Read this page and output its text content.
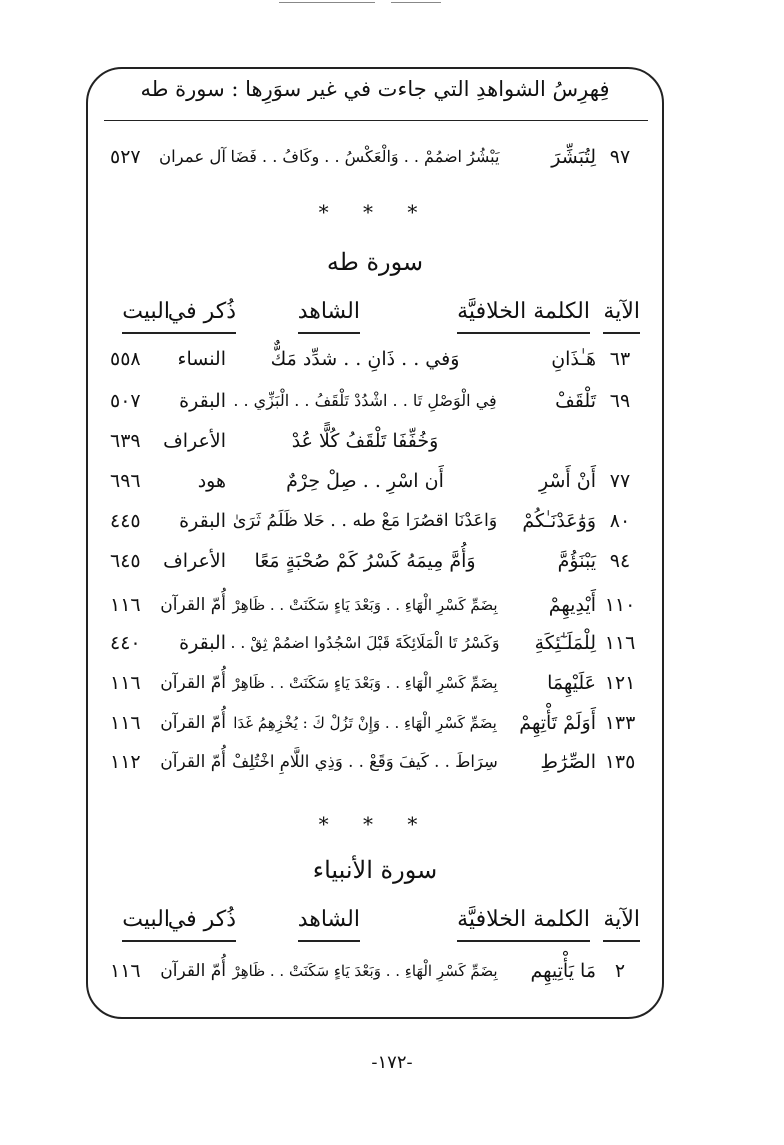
فِهرِسُ الشواهدِ التي جاءت في غير سوَرِها : سورة طه
٩٧
لِتُبَشِّرَ
يَبْشُرُ اضمُمْ . . وَالْعَكْسُ . . وكَافُ . . فَضَا
آل عمران
٥٢٧
* * *
سورة طه
الآية
الكلمة الخلافيَّة
الشاهد
ذُكر في
البيت
٦٣
هَـٰذَانِ
وَفي . . ذَانِ . . شدِّد مَكٌّ
النساء
٥٥٨
٦٩
تَلْقَفْ
فِي الْوَصْلِ تَا . . اشْدُدْ تَلْقَفُ . . الْبَزِّي . .
البقرة
٥٠٧
وَخُفِّفَا تَلْقَفُ كُلًّا عُدْ
الأعراف
٦٣٩
٧٧
أَنْ أَسْرِ
أَن اسْرِ . . صِلْ حِرْمٌ
هود
٦٩٦
٨٠
وَوَٰعَدْنَـٰكُمْ
وَاعَدْنَا اقصُرَا مَعْ طه . . حَلا ظَلَمُ ثَرَىٰ
البقرة
٤٤٥
٩٤
يَبْنَؤُمَّ
وَأُمَّ مِيمَهُ كَسْرُ كَمْ صُحْبَةٍ مَعًا
الأعراف
٦٤٥
١١٠
أَيْدِيهِمْ
بِضَمِّ كَسْرِ الْهَاءِ . . وَبَعْدَ يَاءٍ سَكَنَتْ . . ظَاهِرْ
أُمّ القرآن
١١٦
١١٦
لِلْمَلَـٰٓئِكَةِ
وَكَسْرُ تَا الْمَلَائِكَةَ قَبْلَ اسْجُدُوا اضمُمْ ثِقْ . .
البقرة
٤٤٠
١٢١
عَلَيْهِمَا
بِضَمِّ كَسْرِ الْهَاءِ . . وَبَعْدَ يَاءٍ سَكَنَتْ . . ظَاهِرْ
أُمّ القرآن
١١٦
١٣٣
أَوَلَمْ تَأْتِهِمْ
بِضَمِّ كَسْرِ الْهَاءِ . . وَإِنْ تَزُلْ كَ : يُخْزِهِمُ غَدَا
أُمّ القرآن
١١٦
١٣٥
الصِّرَٰطِ
سِرَاطَ . . كَيفَ وَقَعْ . . وَذِي اللَّامِ اخْتُلِفْ
أُمّ القرآن
١١٢
* * *
سورة الأنبياء
الآية
الكلمة الخلافيَّة
الشاهد
ذُكر في
البيت
٢
مَا يَأْتِيهِم
بِضَمِّ كَسْرِ الْهَاءِ . . وَبَعْدَ يَاءٍ سَكَنَتْ . . ظَاهِرْ
أُمّ القرآن
١١٦
-١٧٢-
